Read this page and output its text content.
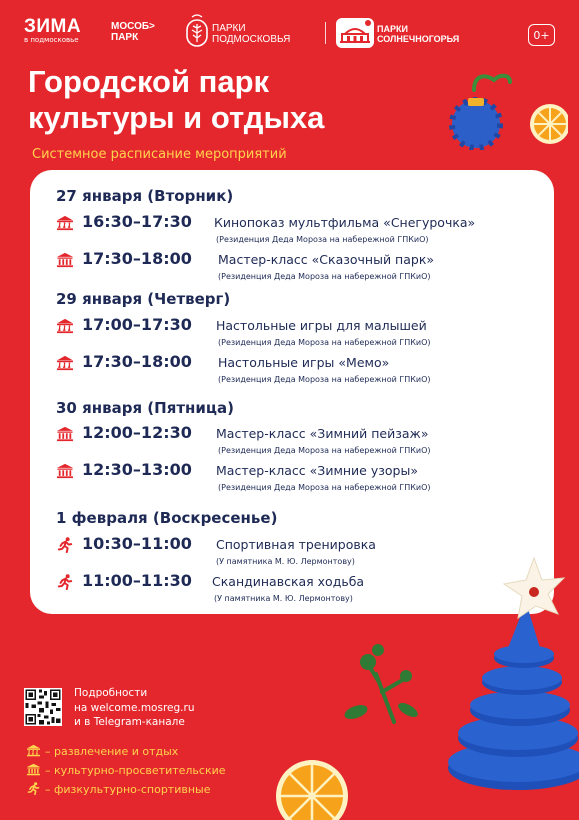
ЗИМА
в подмосковье
МОСОБ>
ПАРК
ПАРКИ
ПОДМОСКОВЬЯ
ПАРКИ
СОЛНЕЧНОГОРЬЯ	0+
Городской парк
культуры и отдыха
Системное расписание мероприятий
27 января (Вторник)
16:30–17:30 Кинопоказ мультфильма «Снегурочка»
(Резиденция Деда Мороза на набережной ГПКиО)
17:30–18:00 Мастер-класс «Сказочный парк»
(Резиденция Деда Мороза на набережной ГПКиО)
29 января (Четверг)
17:00–17:30 Настольные игры для малышей
(Резиденция Деда Мороза на набережной ГПКиО)
17:30–18:00 Настольные игры «Мемо»
(Резиденция Деда Мороза на набережной ГПКиО)
30 января (Пятница)
12:00–12:30 Мастер-класс «Зимний пейзаж»
(Резиденция Деда Мороза на набережной ГПКиО)
12:30–13:00 Мастер-класс «Зимние узоры»
(Резиденция Деда Мороза на набережной ГПКиО)
1 февраля (Воскресенье)
10:30–11:00 Спортивная тренировка
(У памятника М. Ю. Лермонтову)
11:00–11:30 Скандинавская ходьба
(У памятника М. Ю. Лермонтову)
Подробности
на welcome.mosreg.ru
и в Telegram-канале
– развлечение и отдых
– культурно-просветительские
– физкультурно-спортивные
